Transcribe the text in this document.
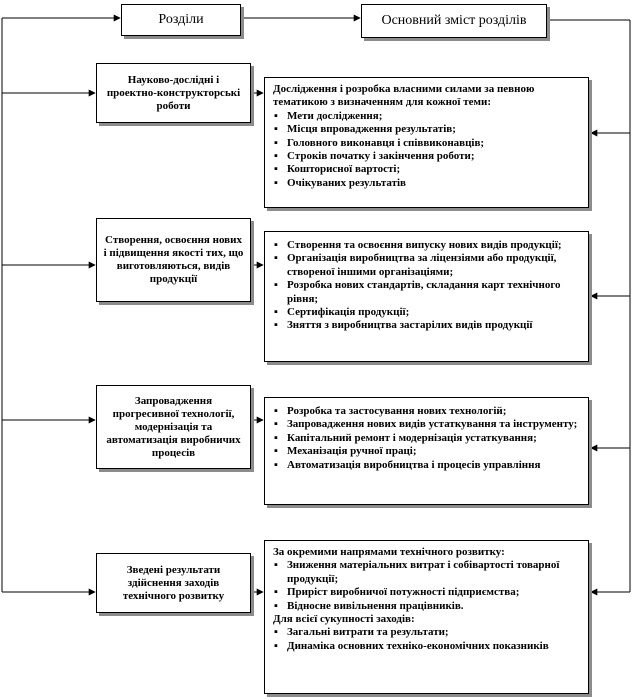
Розділи	Основний зміст розділів
Науково-дослідні і проектно-конструкторські роботи

Дослідження і розробка власними силами за певною тематикою з визначенням для кожної теми:

▪ Мети дослідження;
▪ Місця впровадження результатів;
▪ Головного виконавця і співвиконавців;
▪ Строків початку і закінчення роботи;
▪ Кошторисної вартості;
▪ Очікуваних результатів
Створення, освоєння нових і підвищення якості тих, що виготовляються, видів продукції
▪ Створення та освоєння випуску нових видів продукції;
▪ Організація виробництва за ліцензіями або продукції, створеної іншими організаціями;
▪ Розробка нових стандартів, складання карт технічного рівня;
▪ Сертифікація продукції;
▪ Зняття з виробництва застарілих видів продукції
Запровадження прогресивної технології, модернізація та автоматизація виробничих процесів
▪ Розробка та застосування нових технологій;
▪ Запровадження нових видів устаткування та інструменту;
▪ Капітальний ремонт і модернізація устаткування;
▪ Механізація ручної праці;
▪ Автоматизація виробництва і процесів управління
Зведені результати здійснення заходів технічного розвитку

За окремими напрямами технічного розвитку:

▪ Зниження матеріальних витрат і собівартості товарної продукції;
▪ Приріст виробничої потужності підприємства;
▪ Відносне вивільнення працівників.

Для всієї сукупності заходів:

▪ Загальні витрати та результати;
▪ Динаміка основних техніко-економічних показників
